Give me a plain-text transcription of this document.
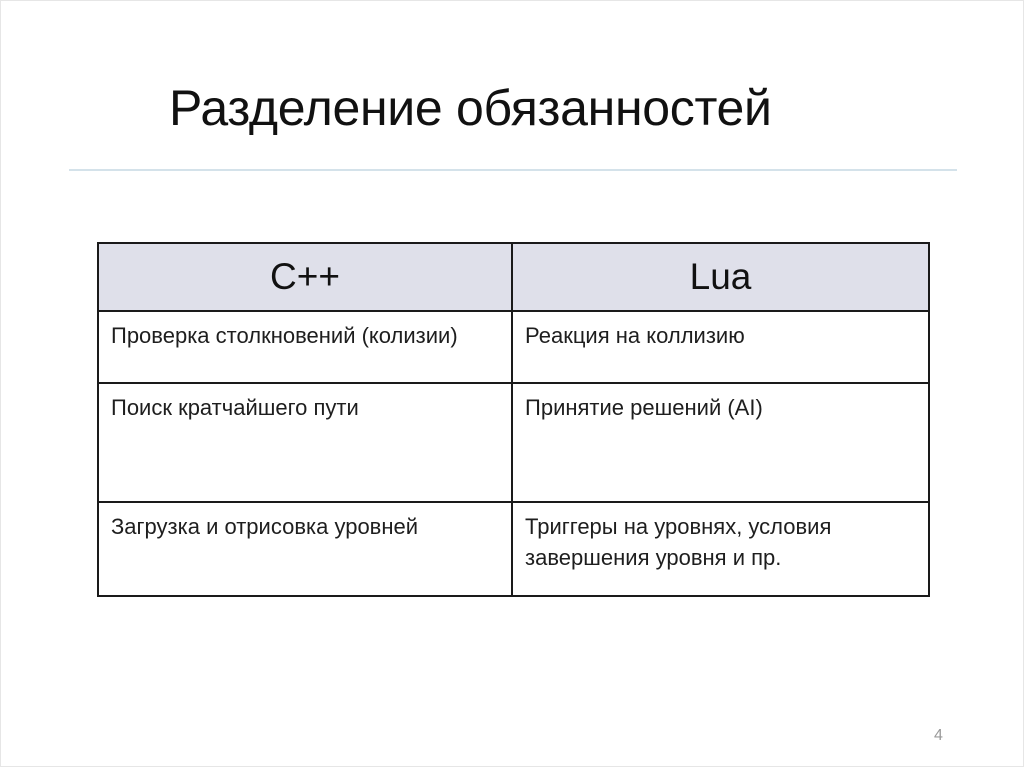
Разделение обязанностей
C++	Lua
Проверка столкновений (колизии)	Реакция на коллизию
Поиск кратчайшего пути	Принятие решений (AI)
Загрузка и отрисовка уровней	Триггеры на уровнях, условия завершения уровня и пр.
4
